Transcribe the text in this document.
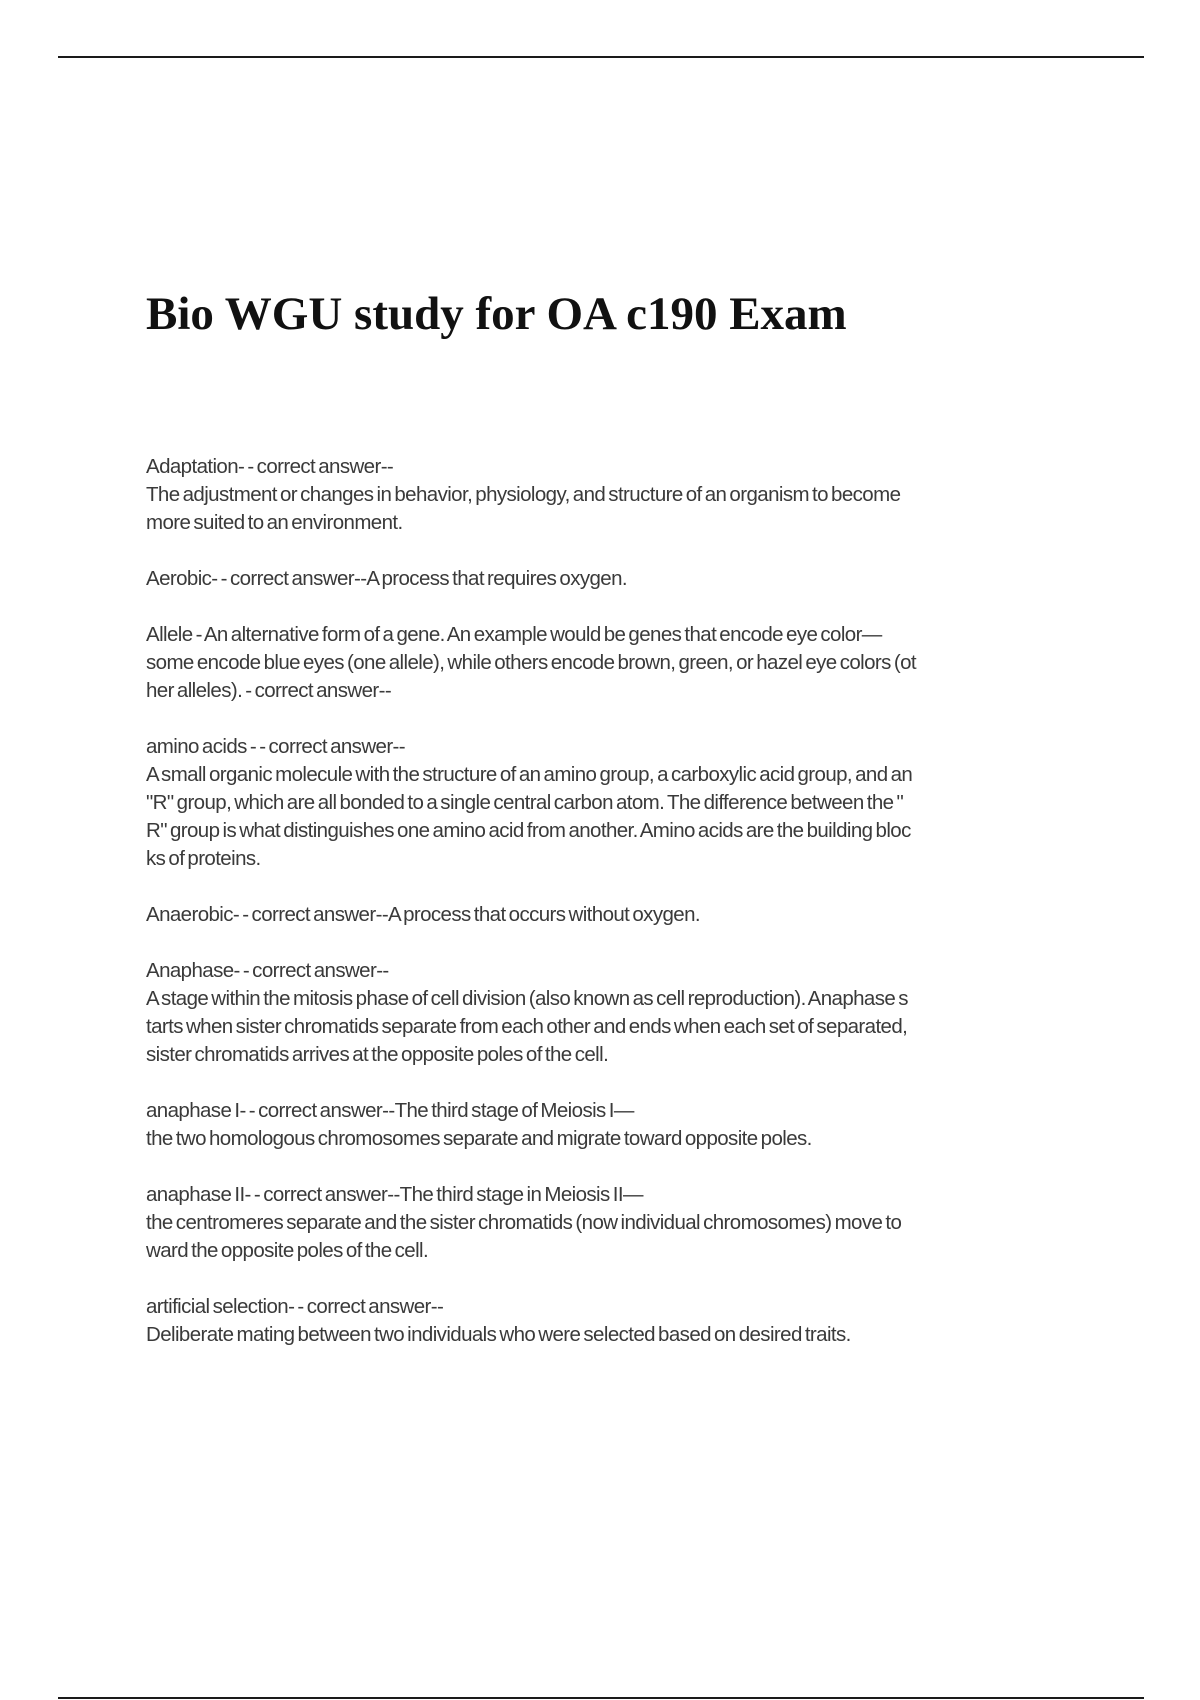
Bio WGU study for OA c190 Exam

Adaptation- - correct answer--
The adjustment or changes in behavior, physiology, and structure of an organism to become
more suited to an environment.

Aerobic- - correct answer--A process that requires oxygen.

Allele - An alternative form of a gene. An example would be genes that encode eye color—
some encode blue eyes (one allele), while others encode brown, green, or hazel eye colors (ot
her alleles). - correct answer--

amino acids - - correct answer--
A small organic molecule with the structure of an amino group, a carboxylic acid group, and an
"R" group, which are all bonded to a single central carbon atom. The difference between the "
R" group is what distinguishes one amino acid from another. Amino acids are the building bloc
ks of proteins.

Anaerobic- - correct answer--A process that occurs without oxygen.

Anaphase- - correct answer--
A stage within the mitosis phase of cell division (also known as cell reproduction). Anaphase s
tarts when sister chromatids separate from each other and ends when each set of separated,
sister chromatids arrives at the opposite poles of the cell.

anaphase I- - correct answer--The third stage of Meiosis I—
the two homologous chromosomes separate and migrate toward opposite poles.

anaphase II- - correct answer--The third stage in Meiosis II—
the centromeres separate and the sister chromatids (now individual chromosomes) move to
ward the opposite poles of the cell.

artificial selection- - correct answer--
Deliberate mating between two individuals who were selected based on desired traits.
